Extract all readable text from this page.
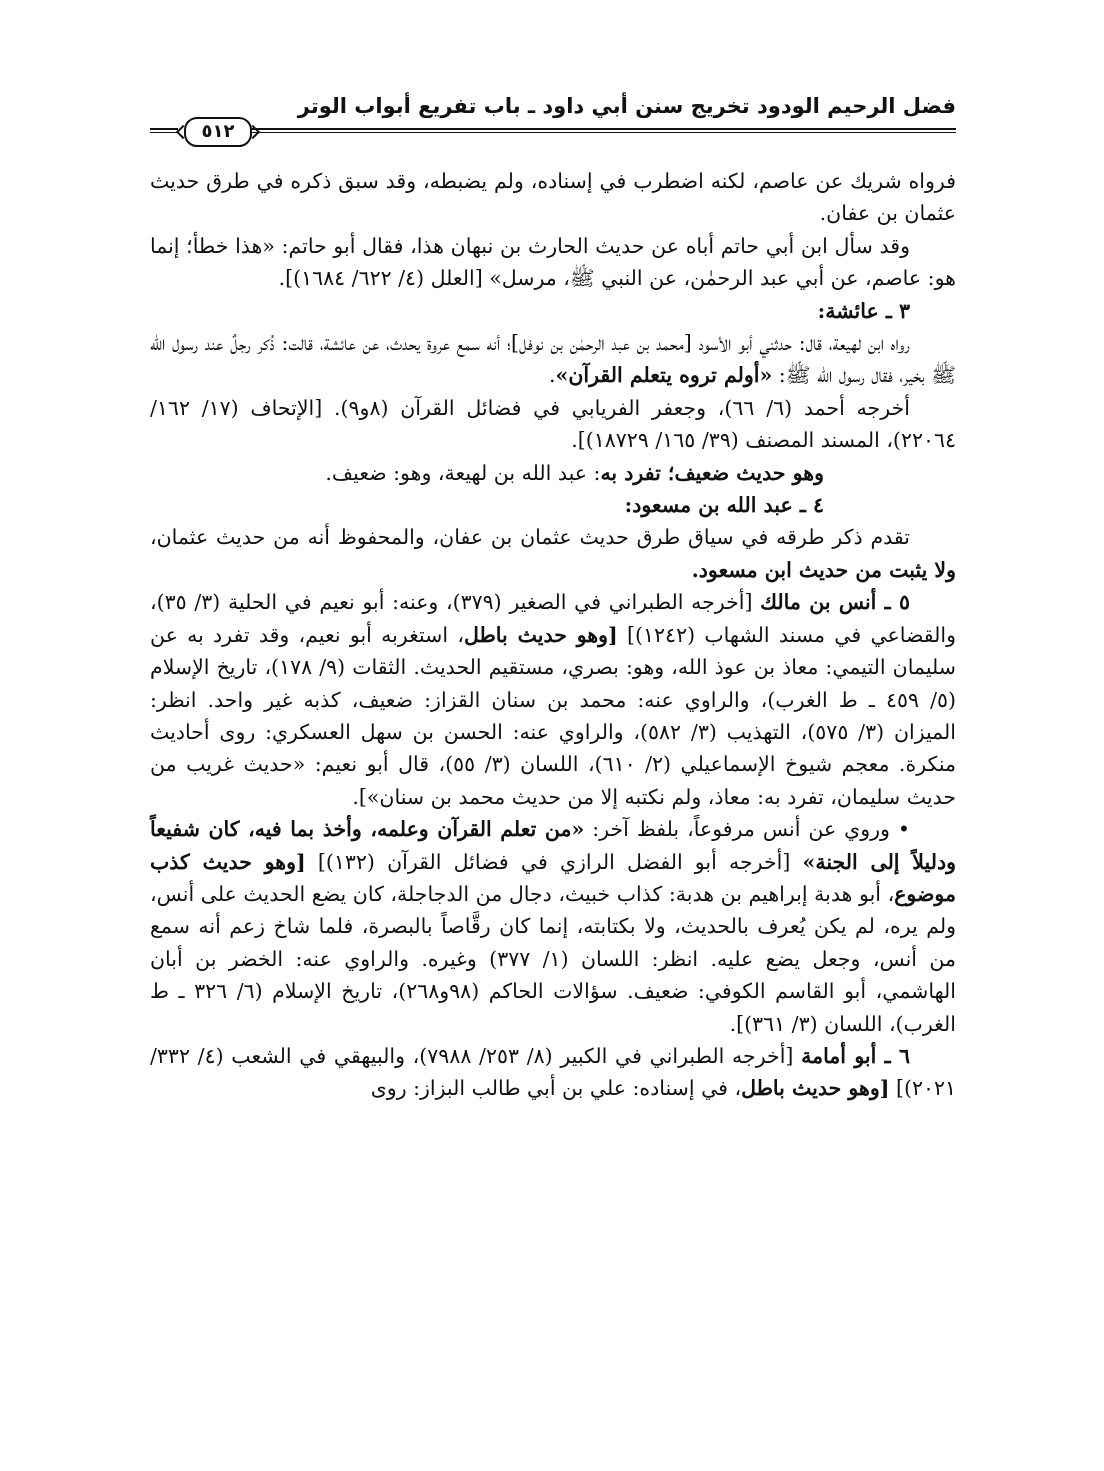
فضل الرحيم الودود تخريج سنن أبي داود ـ باب تفريع أبواب الوتر
٥١٢

فرواه شريك عن عاصم، لكنه اضطرب في إسناده، ولم يضبطه، وقد سبق ذكره في طرق حديث عثمان بن عفان.

وقد سأل ابن أبي حاتم أباه عن حديث الحارث بن نبهان هذا، فقال أبو حاتم: «هذا خطأ؛ إنما هو: عاصم، عن أبي عبد الرحمٰن، عن النبي ﷺ، مرسل» [العلل (٤/ ٦٢٢/ ١٦٨٤)].

٣ ـ عائشة:

رواه ابن لهيعة، قال: حدثني أبو الأسود [محمد بن عبد الرحمٰن بن نوفل]؛ أنه سمع عروة يحدث، عن عائشة، قالت: ذُكر رجلٌ عند رسول الله ﷺ بخير، فقال رسول الله ﷺ: «أولم تروه يتعلم القرآن».

أخرجه أحمد (٦/ ٦٦)، وجعفر الفريابي في فضائل القرآن (٨و٩). [الإتحاف (١٧/ ١٦٢/ ٢٢٠٦٤)، المسند المصنف (٣٩/ ١٦٥/ ١٨٧٢٩)].

وهو حديث ضعيف؛ تفرد به: عبد الله بن لهيعة، وهو: ضعيف.

٤ ـ عبد الله بن مسعود:

تقدم ذكر طرقه في سياق طرق حديث عثمان بن عفان، والمحفوظ أنه من حديث عثمان، ولا يثبت من حديث ابن مسعود.

٥ ـ أنس بن مالك [أخرجه الطبراني في الصغير (٣٧٩)، وعنه: أبو نعيم في الحلية (٣/ ٣٥)، والقضاعي في مسند الشهاب (١٢٤٢)] [وهو حديث باطل، استغربه أبو نعيم، وقد تفرد به عن سليمان التيمي: معاذ بن عوذ الله، وهو: بصري، مستقيم الحديث. الثقات (٩/ ١٧٨)، تاريخ الإسلام (٥/ ٤٥٩ ـ ط الغرب)، والراوي عنه: محمد بن سنان القزاز: ضعيف، كذبه غير واحد. انظر: الميزان (٣/ ٥٧٥)، التهذيب (٣/ ٥٨٢)، والراوي عنه: الحسن بن سهل العسكري: روى أحاديث منكرة. معجم شيوخ الإسماعيلي (٢/ ٦١٠)، اللسان (٣/ ٥٥)، قال أبو نعيم: «حديث غريب من حديث سليمان، تفرد به: معاذ، ولم نكتبه إلا من حديث محمد بن سنان»].

• وروي عن أنس مرفوعاً، بلفظ آخر: «من تعلم القرآن وعلمه، وأخذ بما فيه، كان شفيعاً ودليلاً إلى الجنة» [أخرجه أبو الفضل الرازي في فضائل القرآن (١٣٢)] [وهو حديث كذب موضوع، أبو هدبة إبراهيم بن هدبة: كذاب خبيث، دجال من الدجاجلة، كان يضع الحديث على أنس، ولم يره، لم يكن يُعرف بالحديث، ولا بكتابته، إنما كان رقَّاصاً بالبصرة، فلما شاخ زعم أنه سمع من أنس، وجعل يضع عليه. انظر: اللسان (١/ ٣٧٧) وغيره. والراوي عنه: الخضر بن أبان الهاشمي، أبو القاسم الكوفي: ضعيف. سؤالات الحاكم (٩٨و٢٦٨)، تاريخ الإسلام (٦/ ٣٢٦ ـ ط الغرب)، اللسان (٣/ ٣٦١)].

٦ ـ أبو أمامة [أخرجه الطبراني في الكبير (٨/ ٢٥٣/ ٧٩٨٨)، والبيهقي في الشعب (٤/ ٣٣٢/ ٢٠٢١)] [وهو حديث باطل، في إسناده: علي بن أبي طالب البزاز: روى
